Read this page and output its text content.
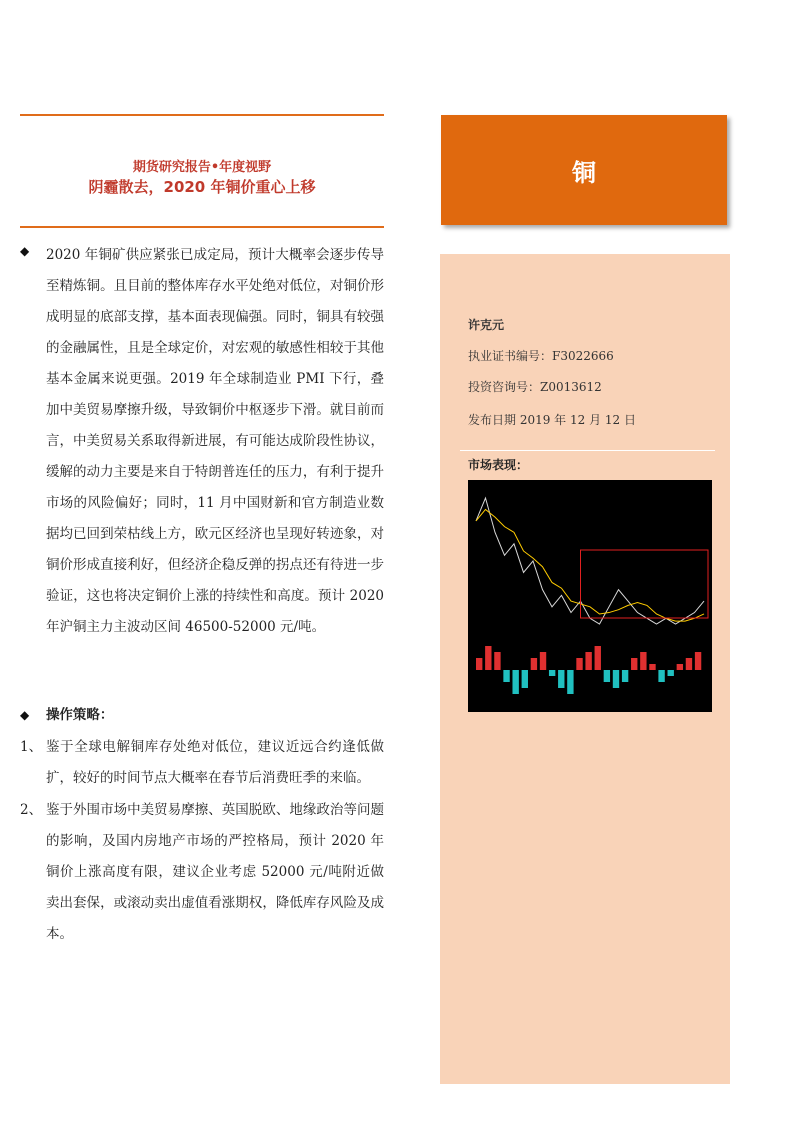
期货研究报告•年度视野
阴霾散去，2020 年铜价重心上移
◆ 2020 年铜矿供应紧张已成定局，预计大概率会逐步传导至精炼铜。且目前的整体库存水平处绝对低位，对铜价形成明显的底部支撑，基本面表现偏强。同时，铜具有较强的金融属性，且是全球定价，对宏观的敏感性相较于其他基本金属来说更强。2019 年全球制造业 PMI 下行，叠加中美贸易摩擦升级，导致铜价中枢逐步下滑。就目前而言，中美贸易关系取得新进展，有可能达成阶段性协议，缓解的动力主要是来自于特朗普连任的压力，有利于提升市场的风险偏好；同时，11 月中国财新和官方制造业数据均已回到荣枯线上方，欧元区经济也呈现好转迹象，对铜价形成直接利好，但经济企稳反弹的拐点还有待进一步验证，这也将决定铜价上涨的持续性和高度。预计 2020 年沪铜主力主波动区间 46500-52000 元/吨。
◆ 操作策略：
1、 鉴于全球电解铜库存处绝对低位，建议近远合约逢低做扩，较好的时间节点大概率在春节后消费旺季的来临。
2、 鉴于外围市场中美贸易摩擦、英国脱欧、地缘政治等问题的影响，及国内房地产市场的严控格局，预计 2020 年铜价上涨高度有限，建议企业考虑 52000 元/吨附近做卖出套保，或滚动卖出虚值看涨期权，降低库存风险及成本。
铜
许克元
执业证书编号：F3022666
投资咨询号：Z0013612
发布日期 2019 年 12 月 12 日
市场表现：
